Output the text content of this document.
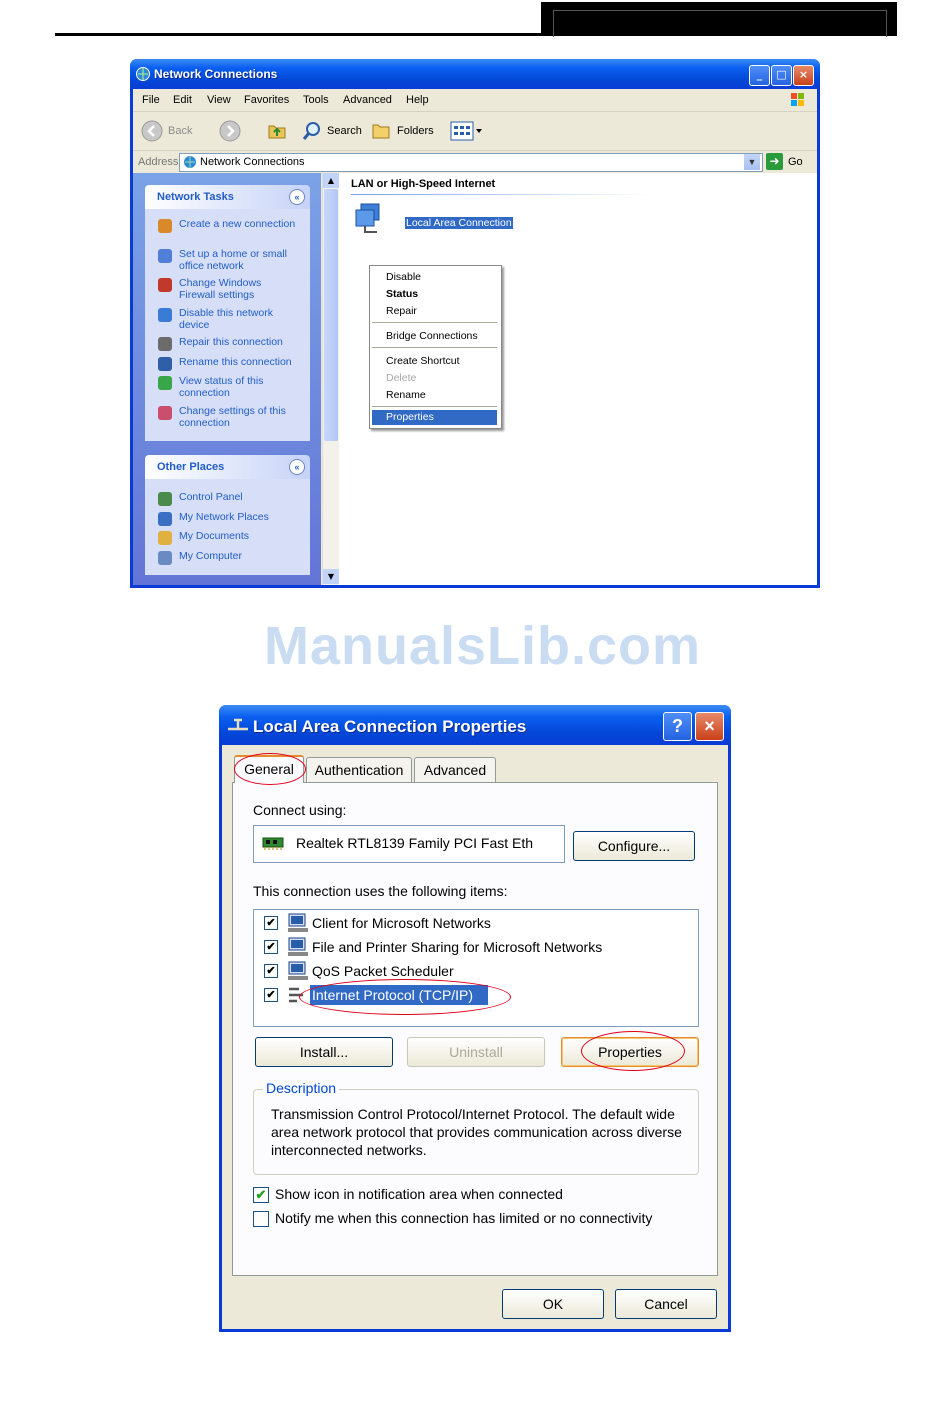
Network Connections	_	□	×
File Edit View Favorites Tools Advanced Help
Back	Search	Folders
Address Network Connections	▼ ➜ Go
Network Tasks	«
Create a new connection
Set up a home or small office network
Change Windows Firewall settings
Disable this network device
Repair this connection
Rename this connection
View status of this connection
Change settings of this connection
Other Places	«
Control Panel
My Network Places
My Documents
My Computer
▲
▼
LAN or High-Speed Internet
Local Area Connection
Disable
Status
Repair
Bridge Connections
Create Shortcut
Delete
Rename
Properties
ManualsLib.com
Local Area Connection Properties	?	×
General	Authentication	Advanced
Connect using:
Realtek RTL8139 Family PCI Fast Eth	Configure...
This connection uses the following items:
✔	Client for Microsoft Networks
✔	File and Printer Sharing for Microsoft Networks
✔	QoS Packet Scheduler
✔	Internet Protocol (TCP/IP)
Install...	Uninstall	Properties
Description
Transmission Control Protocol/Internet Protocol. The default wide area network protocol that provides communication across diverse interconnected networks.
✔ Show icon in notification area when connected
Notify me when this connection has limited or no connectivity
OK	Cancel
